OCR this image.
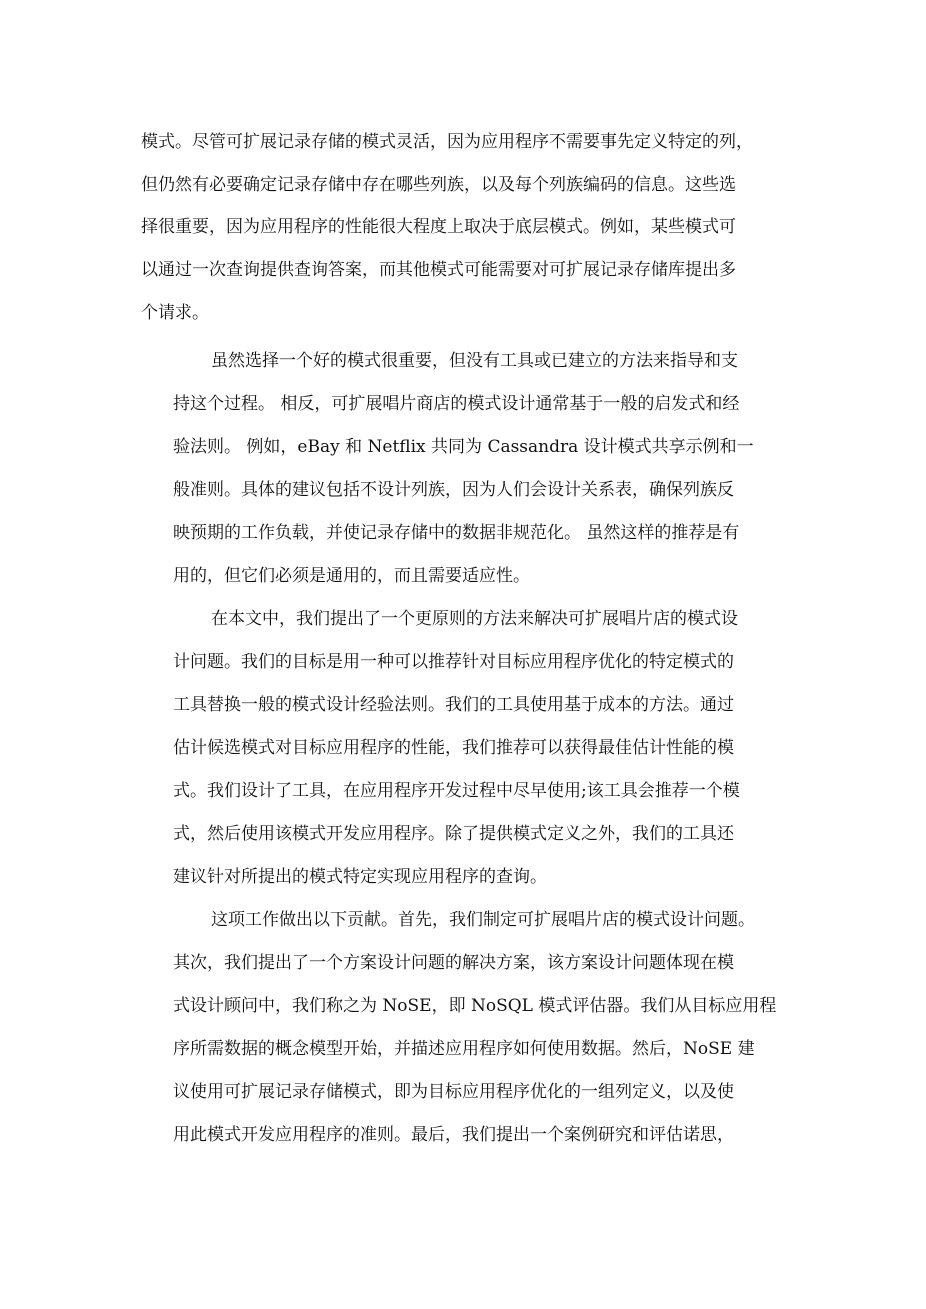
模式。尽管可扩展记录存储的模式灵活，因为应用程序不需要事先定义特定的列，

但仍然有必要确定记录存储中存在哪些列族，以及每个列族编码的信息。这些选

择很重要，因为应用程序的性能很大程度上取决于底层模式。例如，某些模式可

以通过一次查询提供查询答案，而其他模式可能需要对可扩展记录存储库提出多

个请求。

虽然选择一个好的模式很重要，但没有工具或已建立的方法来指导和支

持这个过程。 相反，可扩展唱片商店的模式设计通常基于一般的启发式和经

验法则。 例如，eBay 和 Netflix 共同为 Cassandra 设计模式共享示例和一

般准则。具体的建议包括不设计列族，因为人们会设计关系表，确保列族反

映预期的工作负载，并使记录存储中的数据非规范化。 虽然这样的推荐是有

用的，但它们必须是通用的，而且需要适应性。

在本文中，我们提出了一个更原则的方法来解决可扩展唱片店的模式设

计问题。我们的目标是用一种可以推荐针对目标应用程序优化的特定模式的

工具替换一般的模式设计经验法则。我们的工具使用基于成本的方法。通过

估计候选模式对目标应用程序的性能，我们推荐可以获得最佳估计性能的模

式。我们设计了工具，在应用程序开发过程中尽早使用;该工具会推荐一个模

式，然后使用该模式开发应用程序。除了提供模式定义之外，我们的工具还

建议针对所提出的模式特定实现应用程序的查询。

这项工作做出以下贡献。首先，我们制定可扩展唱片店的模式设计问题。

其次，我们提出了一个方案设计问题的解决方案，该方案设计问题体现在模

式设计顾问中，我们称之为 NoSE，即 NoSQL 模式评估器。我们从目标应用程

序所需数据的概念模型开始，并描述应用程序如何使用数据。然后，NoSE 建

议使用可扩展记录存储模式，即为目标应用程序优化的一组列定义，以及使

用此模式开发应用程序的准则。最后，我们提出一个案例研究和评估诺思，
